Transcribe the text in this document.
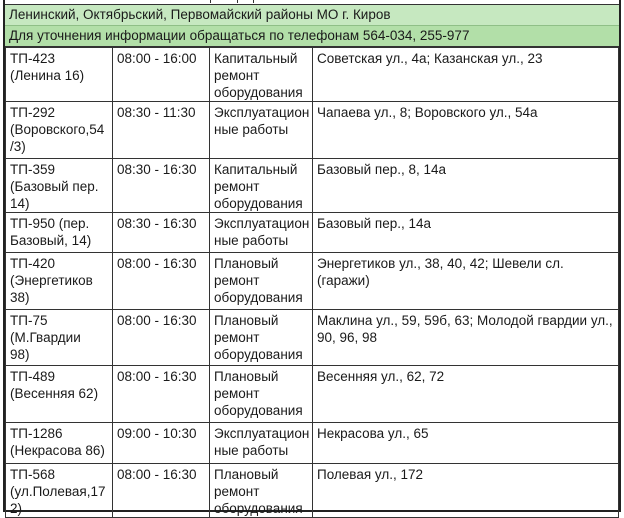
Ленинский, Октябрьский, Первомайский районы МО г. Киров
Для уточнения информации обращаться по телефонам 564-034, 255-977
ТП-423
(Ленина 16)	08:00 - 16:00	Капитальный
ремонт
оборудования	Советская ул., 4а; Казанская ул., 23

ТП-292
(Воровского,54
/3)	08:30 - 11:30	Эксплуатацион
ные работы	Чапаева ул., 8; Воровского ул., 54а

ТП-359
(Базовый пер.
14)	08:30 - 16:30	Капитальный
ремонт
оборудования	Базовый пер., 8, 14а

ТП-950 (пер.
Базовый, 14)	08:30 - 16:30	Эксплуатацион
ные работы	Базовый пер., 14а

ТП-420
(Энергетиков
38)	08:00 - 16:30	Плановый
ремонт
оборудования	Энергетиков ул., 38, 40, 42; Шевели сл.
(гаражи)

ТП-75
(М.Гвардии
98)	08:00 - 16:30	Плановый
ремонт
оборудования	Маклина ул., 59, 59б, 63; Молодой гвардии ул.,
90, 96, 98

ТП-489
(Весенняя 62)	08:00 - 16:30	Плановый
ремонт
оборудования	Весенняя ул., 62, 72

ТП-1286
(Некрасова 86)	09:00 - 10:30	Эксплуатацион
ные работы	Некрасова ул., 65

ТП-568
(ул.Полевая,17
2)	08:00 - 16:30	Плановый
ремонт
оборудования	Полевая ул., 172
